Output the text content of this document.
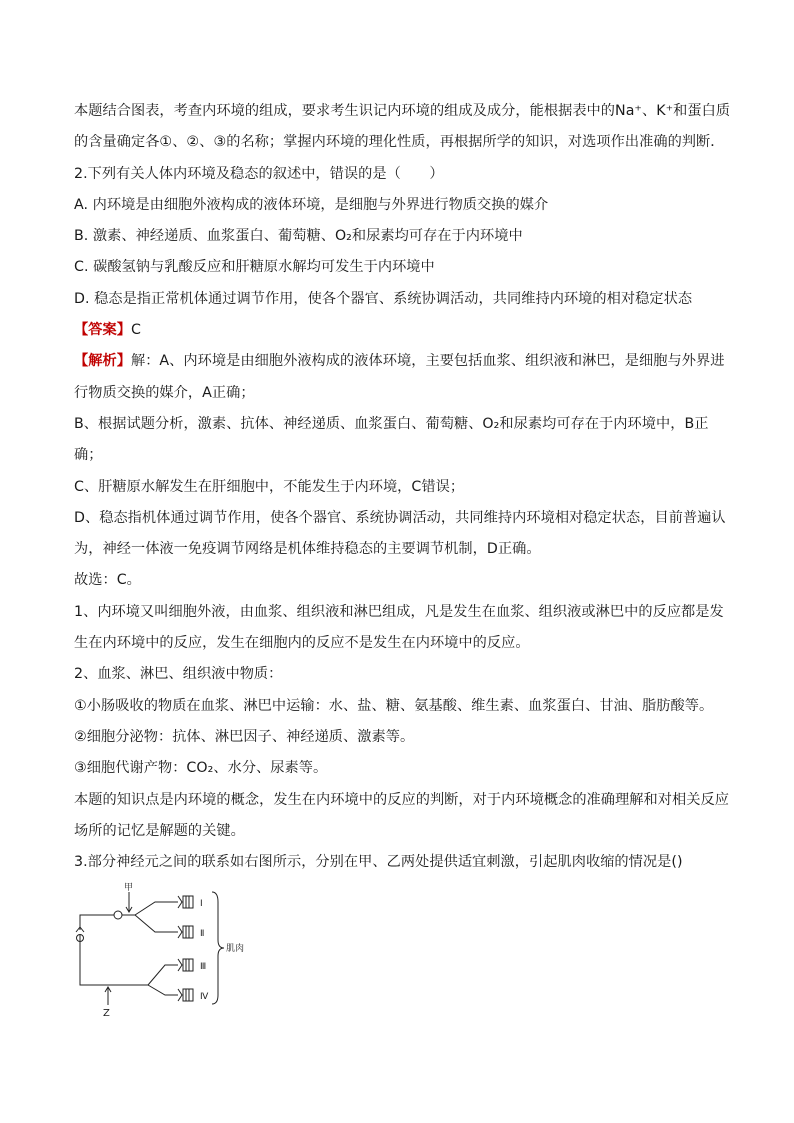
本题结合图表，考查内环境的组成，要求考生识记内环境的组成及成分，能根据表中的Na⁺、K⁺和蛋白质
的含量确定各①、②、③的名称；掌握内环境的理化性质，再根据所学的知识，对选项作出准确的判断．
2.下列有关人体内环境及稳态的叙述中，错误的是（　　）
A. 内环境是由细胞外液构成的液体环境，是细胞与外界进行物质交换的媒介
B. 激素、神经递质、血浆蛋白、葡萄糖、O₂和尿素均可存在于内环境中
C. 碳酸氢钠与乳酸反应和肝糖原水解均可发生于内环境中
D. 稳态是指正常机体通过调节作用，使各个器官、系统协调活动，共同维持内环境的相对稳定状态
【答案】C
【解析】解：A、内环境是由细胞外液构成的液体环境，主要包括血浆、组织液和淋巴，是细胞与外界进
行物质交换的媒介，A正确；
B、根据试题分析，激素、抗体、神经递质、血浆蛋白、葡萄糖、O₂和尿素均可存在于内环境中，B正
确；
C、肝糖原水解发生在肝细胞中，不能发生于内环境，C错误；
D、稳态指机体通过调节作用，使各个器官、系统协调活动，共同维持内环境相对稳定状态，目前普遍认
为，神经一体液一免疫调节网络是机体维持稳态的主要调节机制，D正确。
故选：C。
1、内环境又叫细胞外液，由血浆、组织液和淋巴组成，凡是发生在血浆、组织液或淋巴中的反应都是发
生在内环境中的反应，发生在细胞内的反应不是发生在内环境中的反应。
2、血浆、淋巴、组织液中物质：
①小肠吸收的物质在血浆、淋巴中运输：水、盐、糖、氨基酸、维生素、血浆蛋白、甘油、脂肪酸等。
②细胞分泌物：抗体、淋巴因子、神经递质、激素等。
③细胞代谢产物：CO₂、水分、尿素等。
本题的知识点是内环境的概念，发生在内环境中的反应的判断，对于内环境概念的准确理解和对相关反应
场所的记忆是解题的关键。
3.部分神经元之间的联系如右图所示，分别在甲、乙两处提供适宜刺激，引起肌肉收缩的情况是()
甲
Z
Ⅰ
Ⅱ
Ⅲ
Ⅳ
肌肉
